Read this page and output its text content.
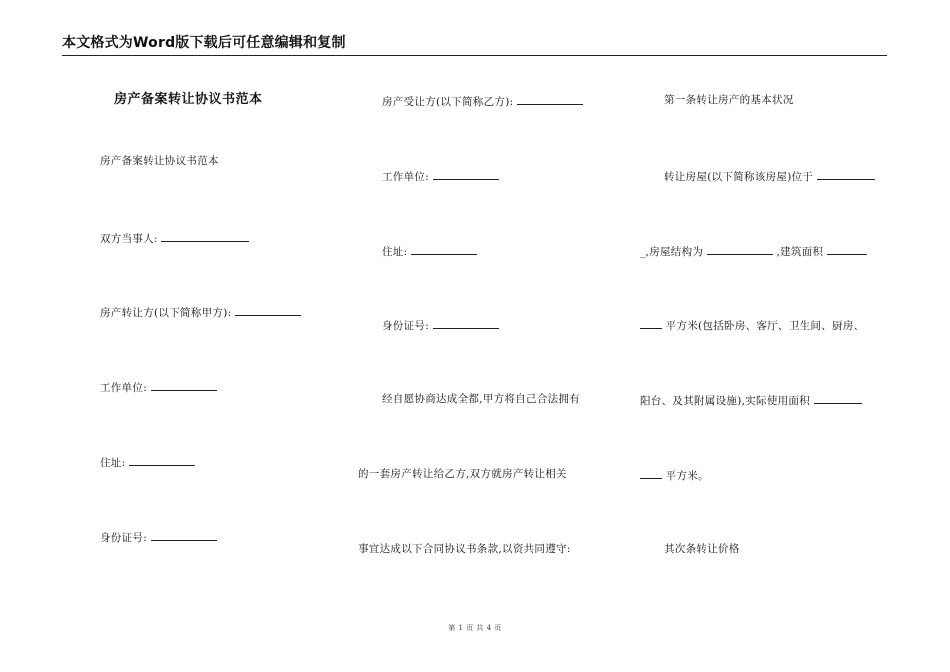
本文格式为Word版下载后可任意编辑和复制
房产备案转让协议书范本
房产备案转让协议书范本
双方当事人:
房产转让方(以下简称甲方):
工作单位:
住址:
身份证号:
房产受让方(以下简称乙方):
工作单位:
住址:
身份证号:
经自愿协商达成全都,甲方将自己合法拥有
的一套房产转让给乙方,双方就房产转让相关
事宜达成以下合同协议书条款,以资共同遵守:
第一条转让房产的基本状况
转让房屋(以下简称该房屋)位于
_,房屋结构为	,建筑面积
平方米(包括卧房、客厅、卫生间、厨房、
阳台、及其附属设施),实际使用面积
平方米。
其次条转让价格
第 1 页 共 4 页
